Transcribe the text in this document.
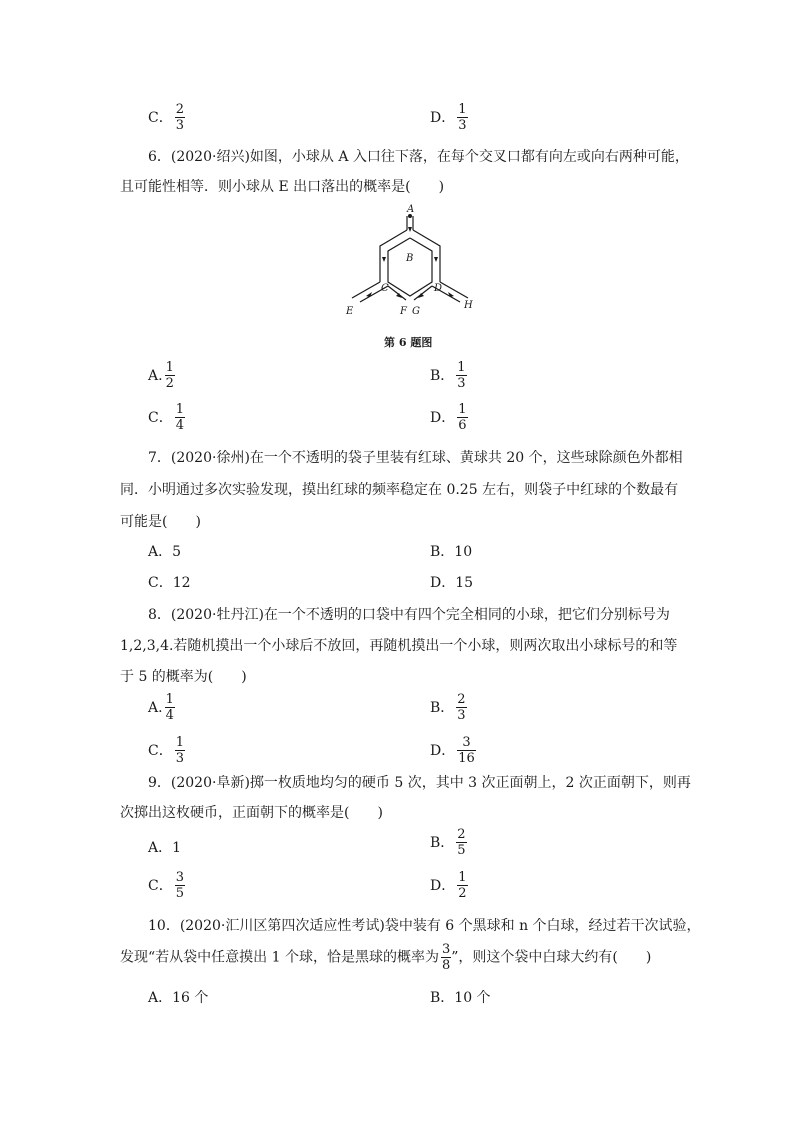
C． $\frac{2}{3}$	D． $\frac{1}{3}$
6．(2020·绍兴)如图，小球从 A 入口往下落，在每个交叉口都有向左或向右两种可能，
且可能性相等．则小球从 E 出口落出的概率是(　　)
A
B
C	D
E	F G
H
第 6 题图
A. $\frac{1}{2}$	B． $\frac{1}{3}$
C． $\frac{1}{4}$	D． $\frac{1}{6}$
7．(2020·徐州)在一个不透明的袋子里装有红球、黄球共 20 个，这些球除颜色外都相
同．小明通过多次实验发现，摸出红球的频率稳定在 0.25 左右，则袋子中红球的个数最有
可能是(　　)
A．5	B．10
C．12	D．15
8．(2020·牡丹江)在一个不透明的口袋中有四个完全相同的小球，把它们分别标号为
1,2,3,4.若随机摸出一个小球后不放回，再随机摸出一个小球，则两次取出小球标号的和等
于 5 的概率为(　　)
A. $\frac{1}{4}$	B． $\frac{2}{3}$
C． $\frac{1}{3}$	D． $\frac{3}{16}$
9．(2020·阜新)掷一枚质地均匀的硬币 5 次，其中 3 次正面朝上，2 次正面朝下，则再
次掷出这枚硬币，正面朝下的概率是(　　)
A．1	B． $\frac{2}{5}$
C． $\frac{3}{5}$	D． $\frac{1}{2}$
10．(2020·汇川区第四次适应性考试)袋中装有 6 个黑球和 n 个白球，经过若干次试验，
发现“若从袋中任意摸出 1 个球，恰是黑球的概率为 $\frac{3}{8}$ ”，则这个袋中白球大约有(　　)
A．16 个	B．10 个
